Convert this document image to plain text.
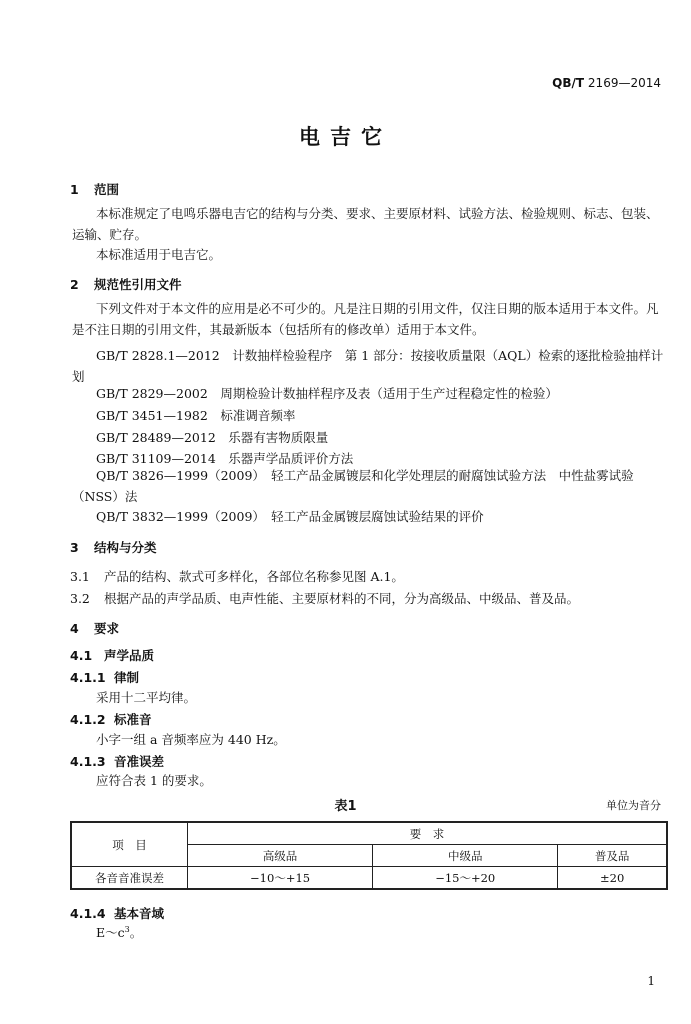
QB/T 2169—2014
电吉它
1 范围
本标准规定了电鸣乐器电吉它的结构与分类、要求、主要原材料、试验方法、检验规则、标志、包装、运输、贮存。
本标准适用于电吉它。
2 规范性引用文件
下列文件对于本文件的应用是必不可少的。凡是注日期的引用文件，仅注日期的版本适用于本文件。凡是不注日期的引用文件，其最新版本（包括所有的修改单）适用于本文件。
GB/T 2828.1—2012　计数抽样检验程序　第 1 部分：按接收质量限（AQL）检索的逐批检验抽样计划
GB/T 2829—2002　周期检验计数抽样程序及表（适用于生产过程稳定性的检验）
GB/T 3451—1982　标准调音频率
GB/T 28489—2012　乐器有害物质限量
GB/T 31109—2014　乐器声学品质评价方法
QB/T 3826—1999（2009）　轻工产品金属镀层和化学处理层的耐腐蚀试验方法　中性盐雾试验（NSS）法
QB/T 3832—1999（2009）　轻工产品金属镀层腐蚀试验结果的评价
3 结构与分类
3.1 产品的结构、款式可多样化，各部位名称参见图 A.1。
3.2 根据产品的声学品质、电声性能、主要原材料的不同，分为高级品、中级品、普及品。
4 要求
4.1 声学品质
4.1.1 律制
采用十二平均律。
4.1.2 标准音
小字一组 a 音频率应为 440 Hz。
4.1.3 音准误差
应符合表 1 的要求。
表1	单位为音分
项　目	要　求		
	高级品	中级品	普及品
各音音准误差	−10～+15	−15～+20	±20
4.1.4 基本音域
$E\sim c^3$。
1
